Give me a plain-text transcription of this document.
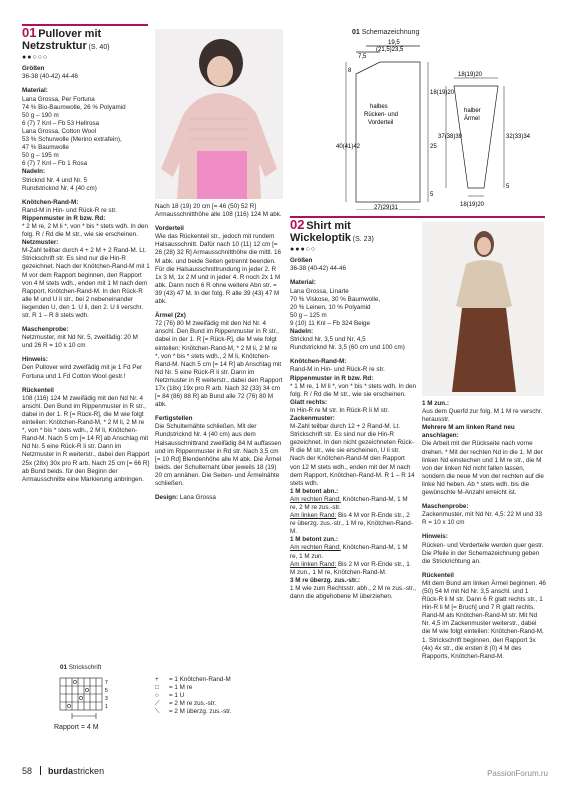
01 Pullover mit
Netzstruktur (S. 40)
●●○○○

Größen

36-38 (40-42) 44-46

Material:

Lana Grossa, Per Fortuna

74 % Bio-Baumwolle, 26 % Polyamid

50 g – 190 m

6 (7) 7 Knl – Fb 53 Hellrosa

Lana Grossa, Cotton Wool

53 % Schurwolle (Merino extrafein),

47 % Baumwolle

50 g – 195 m

6 (7) 7 Knl – Fb 1 Rosa

Nadeln:

Stricknd Nr. 4 und Nr. 5

Rundstricknd Nr. 4 (40 cm)

Knötchen-Rand-M:

Rand-M in Hin- und Rück-R re str.

Rippenmuster in R bzw. Rd:

* 2 M re, 2 M li *, von * bis * stets wdh. In den folg. R / Rd die M str., wie sie erscheinen.

Netzmuster:

M-Zahl teilbar durch 4 + 2 M + 2 Rand-M. Lt. Strickschrift str. Es sind nur die Hin-R gezeichnet. Nach der Knötchen-Rand-M mit 1 M vor dem Rapport beginnen, den Rapport von 4 M stets wdh., enden mit 1 M nach dem Rapport, Knötchen-Rand-M. In den Rück-R alle M und U li str., bei 2 nebeneinander liegenden U, den 1. U li, den 2. U li verschr. str. R 1 – R 8 stets wdh.

Maschenprobe:

Netzmuster, mit Nd Nr. 5, zweifädig: 20 M und 26 R = 10 x 10 cm

Hinweis:

Den Pullover wird zweifädig mit je 1 Fd Per Fortuna und 1 Fd Cotton Wool gestr.!

Rückenteil

108 (116) 124 M zweifädig mit den Nd Nr. 4 anschl. Den Bund im Rippenmuster in R str., dabei in der 1. R [= Rück-R], die M wie folgt einteilen: Knötchen-Rand-M, * 2 M li, 2 M re *, von * bis * stets wdh., 2 M li, Knötchen-Rand-M. Nach 5 cm [= 14 R] ab Anschlag mit Nd Nr. 5 eine Rück-R li str. Dann im Netzmuster in R weiterstr., dabei den Rapport 25x (28x) 30x pro R arb. Nach 25 cm [= 66 R] ab Bund beids. für den Beginn der Armausschnitte eine Markierung anbringen.

01 Strickschrift
7
5
3
1
Rapport = 4 M

Nach 18 (19) 20 cm [= 46 (50) 52 R] Armausschnitthöhe alle 108 (116) 124 M abk.

Vorderteil

Wie das Rückenteil str., jedoch mit rundem Halsausschnitt. Dafür nach 10 (11) 12 cm [= 26 (28) 32 R] Armausschnitthöhe die mittl. 16 M abk. und beide Seiten getrennt beenden. Für die Halsausschnittrundung in jeder 2. R 1x 3 M, 1x 2 M und in jeder 4. R noch 2x 1 M abk. Dann noch 6 R ohne weitere Abn str. = 39 (43) 47 M. In der folg. R alle 39 (43) 47 M abk.

Ärmel (2x)

72 (76) 80 M zweifädig mit den Nd Nr. 4 anschl. Den Bund im Rippenmuster in R str., dabei in der 1. R [= Rück-R], die M wie folgt einteilen: Knötchen-Rand-M, * 2 M li, 2 M re *, von * bis * stets wdh., 2 M li, Knötchen-Rand-M. Nach 5 cm [= 14 R] ab Anschlag mit Nd Nr. 5 eine Rück-R li str. Dann im Netzmuster in R weiterstr., dabei den Rapport 17x (18x) 19x pro R arb. Nach 32 (33) 34 cm [= 84 (86) 88 R] ab Bund alle 72 (76) 80 M abk.

Fertigstellen

Die Schulternähte schließen. Mit der Rundstricknd Nr. 4 (40 cm) aus dem Halsausschnittrand zweifädig 84 M auffassen und im Rippenmuster in Rd str. Nach 3,5 cm [= 10 Rd] Blendenhöhe alle M abk. Die Ärmel beids. der Schulternaht über jeweils 18 (19) 20 cm annähen. Die Seiten- und Ärmelnähte schließen.

Design: Lana Grossa

+ = 1 Knötchen-Rand-M
□ = 1 M re
○ = 1 U
⟋ = 2 M re zus.-str.
⟍ = 2 M überzg. zus.-str.
01 Schemazeichnung
19,5
(21,5)23,5
7,5
8
18(19)20
25
5
40(41)42
27(29)31
halbes
Rücken- und
Vorderteil
18(19)20
37(38)39	32(33)34
5
halber
Ärmel
18(19)20
02 Shirt mit
Wickeloptik (S. 23)
●●●○○

Größen

36-38 (40-42) 44-46

Material:

Lana Grossa, Linarte

70 % Viskose, 30 % Baumwolle,

20 % Leinen, 10 % Polyamid

50 g – 125 m

9 (10) 11 Knl – Fb 324 Beige

Nadeln:

Stricknd Nr. 3,5 und Nr. 4,5

Rundstricknd Nr. 3,5 (60 cm und 100 cm)

Knötchen-Rand-M:

Rand-M in Hin- und Rück-R re str.

Rippenmuster in R bzw. Rd:

* 1 M re, 1 M li *, von * bis * stets wdh. In den folg. R / Rd die M str., wie sie erscheinen.

Glatt rechts:

In Hin-R re M str. In Rück-R li M str.

Zackenmuster:

M-Zahl teilbar durch 12 + 2 Rand-M. Lt. Strickschrift str. Es sind nur die Hin-R gezeichnet. In den nicht gezeichneten Rück-R die M str., wie sie erscheinen, U li str. Nach der Knötchen-Rand-M den Rapport von 12 M stets wdh., enden mit der M nach dem Rapport, Knötchen-Rand-M. R 1 – R 14 stets wdh.

1 M betont abn.:

Am rechten Rand: Knötchen-Rand-M, 1 M re, 2 M re zus.-str.

Am linken Rand: Bis 4 M vor R-Ende str., 2 re überzg. zus.-str., 1 M re, Knötchen-Rand-M.

1 M betont zun.:

Am rechten Rand: Knötchen-Rand-M, 1 M re, 1 M zun.

Am linken Rand: Bis 2 M vor R-Ende str., 1 M zun., 1 M re, Knötchen-Rand-M.

3 M re überzg. zus.-str.:

1 M wie zum Rechtsstr. abh., 2 M re zus.-str., dann die abgehobene M überziehen.

1 M zun.:

Aus dem Querfd zur folg. M 1 M re verschr. herausstr.

Mehrere M am linken Rand neu anschlagen:

Die Arbeit mit der Rückseite nach vorne drehen. * Mit der rechten Nd in die 1. M der linken Nd einstechen und 1 M re str., die M von der linken Nd nicht fallen lassen, sondern die neue M von der rechten auf die linke Nd heben. Ab * stets wdh. bis die gewünschte M-Anzahl erreicht ist.

Maschenprobe:

Zackenmuster, mit Nd Nr. 4,5: 22 M und 33 R = 10 x 10 cm

Hinweis:

Rücken- und Vorderteile werden quer gestr. Die Pfeile in der Schemazeichnung geben die Strickrichtung an.

Rückenteil

Mit dem Bund am linken Ärmel beginnen. 46 (50) 54 M mit Nd Nr. 3,5 anschl. und 1 Rück-R li M str. Dann 6 R glatt rechts str., 1 Hin-R li M [= Bruch] und 7 R glatt rechts, Rand-M als Knötchen-Rand-M str. Mit Nd Nr. 4,5 im Zackenmuster weiterstr., dabei die M wie folgt einteilen: Knötchen-Rand-M, 1. Strickschrift beginnen, den Rapport 3x (4x) 4x str., die ersten 8 (0) 4 M des Rapports, Knötchen-Rand-M.

58 burdastricken	PassionForum.ru
